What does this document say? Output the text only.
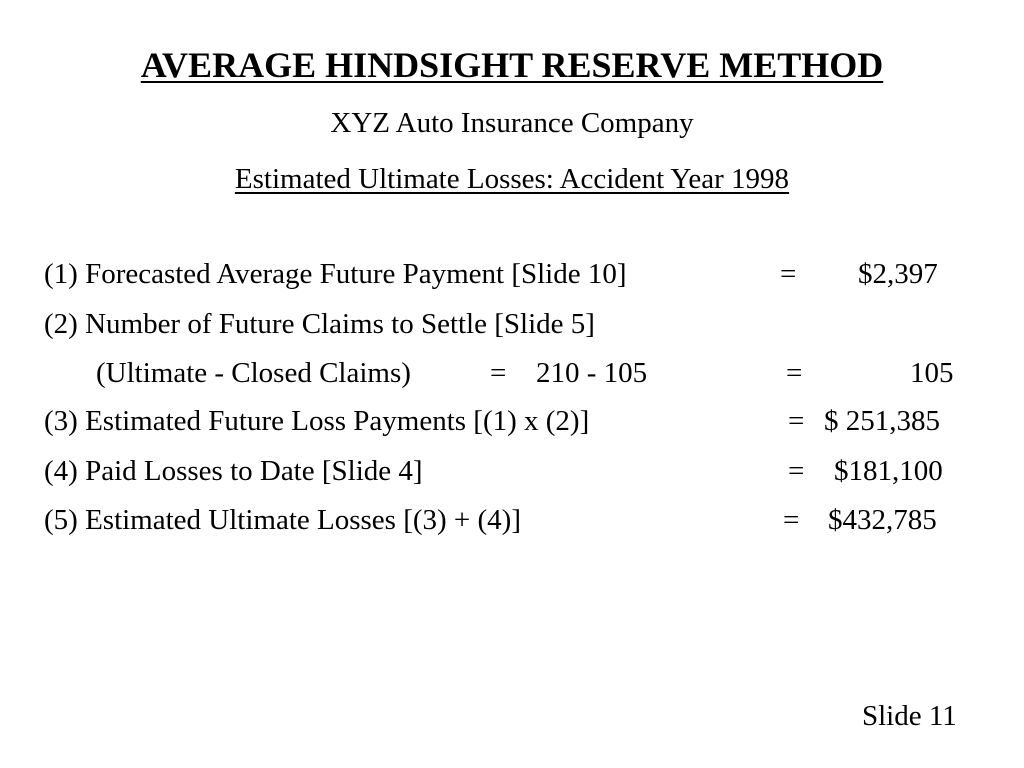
AVERAGE HINDSIGHT RESERVE METHOD
XYZ Auto Insurance Company
Estimated Ultimate Losses: Accident Year 1998
(1) Forecasted Average Future Payment [Slide 10]	= $2,397
(2) Number of Future Claims to Settle [Slide 5]
(Ultimate - Closed Claims)	= 210 - 105	=	105
(3) Estimated Future Loss Payments [(1) x (2)]	= $ 251,385
(4) Paid Losses to Date [Slide 4]	= $181,100
(5) Estimated Ultimate Losses [(3) + (4)]	= $432,785
Slide 11
